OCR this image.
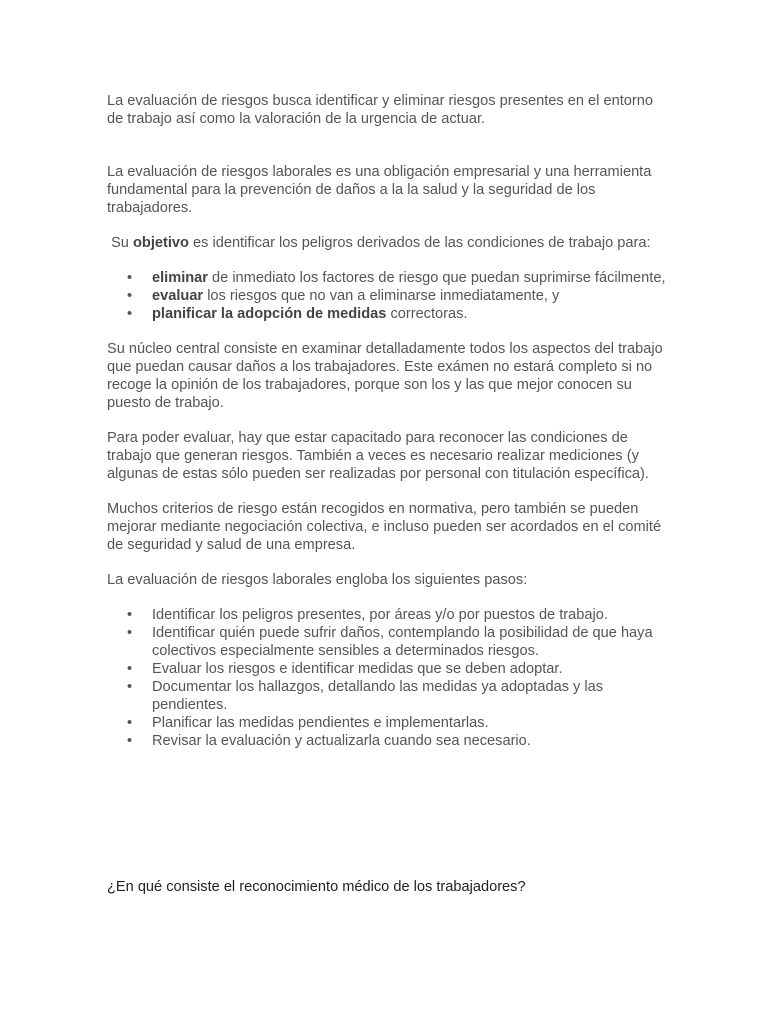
La evaluación de riesgos busca identificar y eliminar riesgos presentes en el entorno de trabajo así como la valoración de la urgencia de actuar.

La evaluación de riesgos laborales es una obligación empresarial y una herramienta fundamental para la prevención de daños a la la salud y la seguridad de los trabajadores.

Su objetivo es identificar los peligros derivados de las condiciones de trabajo para:

• eliminar de inmediato los factores de riesgo que puedan suprimirse fácilmente,
• evaluar los riesgos que no van a eliminarse inmediatamente, y
• planificar la adopción de medidas correctoras.

Su núcleo central consiste en examinar detalladamente todos los aspectos del trabajo que puedan causar daños a los trabajadores. Este exámen no estará completo si no recoge la opinión de los trabajadores, porque son los y las que mejor conocen su puesto de trabajo.

Para poder evaluar, hay que estar capacitado para reconocer las condiciones de trabajo que generan riesgos. También a veces es necesario realizar mediciones (y algunas de estas sólo pueden ser realizadas por personal con titulación específica).

Muchos criterios de riesgo están recogidos en normativa, pero también se pueden mejorar mediante negociación colectiva, e incluso pueden ser acordados en el comité de seguridad y salud de una empresa.

La evaluación de riesgos laborales engloba los siguientes pasos:

• Identificar los peligros presentes, por áreas y/o por puestos de trabajo.
• Identificar quién puede sufrir daños, contemplando la posibilidad de que haya colectivos especialmente sensibles a determinados riesgos.
• Evaluar los riesgos e identificar medidas que se deben adoptar.
• Documentar los hallazgos, detallando las medidas ya adoptadas y las pendientes.
• Planificar las medidas pendientes e implementarlas.
• Revisar la evaluación y actualizarla cuando sea necesario.

¿En qué consiste el reconocimiento médico de los trabajadores?
